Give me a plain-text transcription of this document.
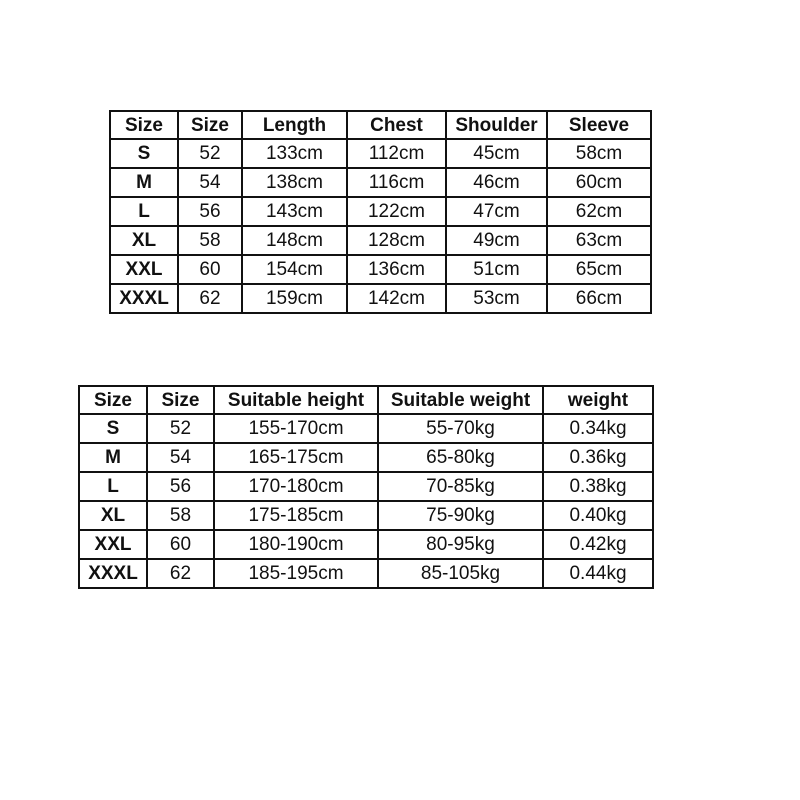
Size	Size	Length	Chest	Shoulder	Sleeve
S	52	133cm	112cm	45cm	58cm
M	54	138cm	116cm	46cm	60cm
L	56	143cm	122cm	47cm	62cm
XL	58	148cm	128cm	49cm	63cm
XXL	60	154cm	136cm	51cm	65cm
XXXL	62	159cm	142cm	53cm	66cm
Size	Size	Suitable height	Suitable weight	weight
S	52	155-170cm	55-70kg	0.34kg
M	54	165-175cm	65-80kg	0.36kg
L	56	170-180cm	70-85kg	0.38kg
XL	58	175-185cm	75-90kg	0.40kg
XXL	60	180-190cm	80-95kg	0.42kg
XXXL	62	185-195cm	85-105kg	0.44kg
